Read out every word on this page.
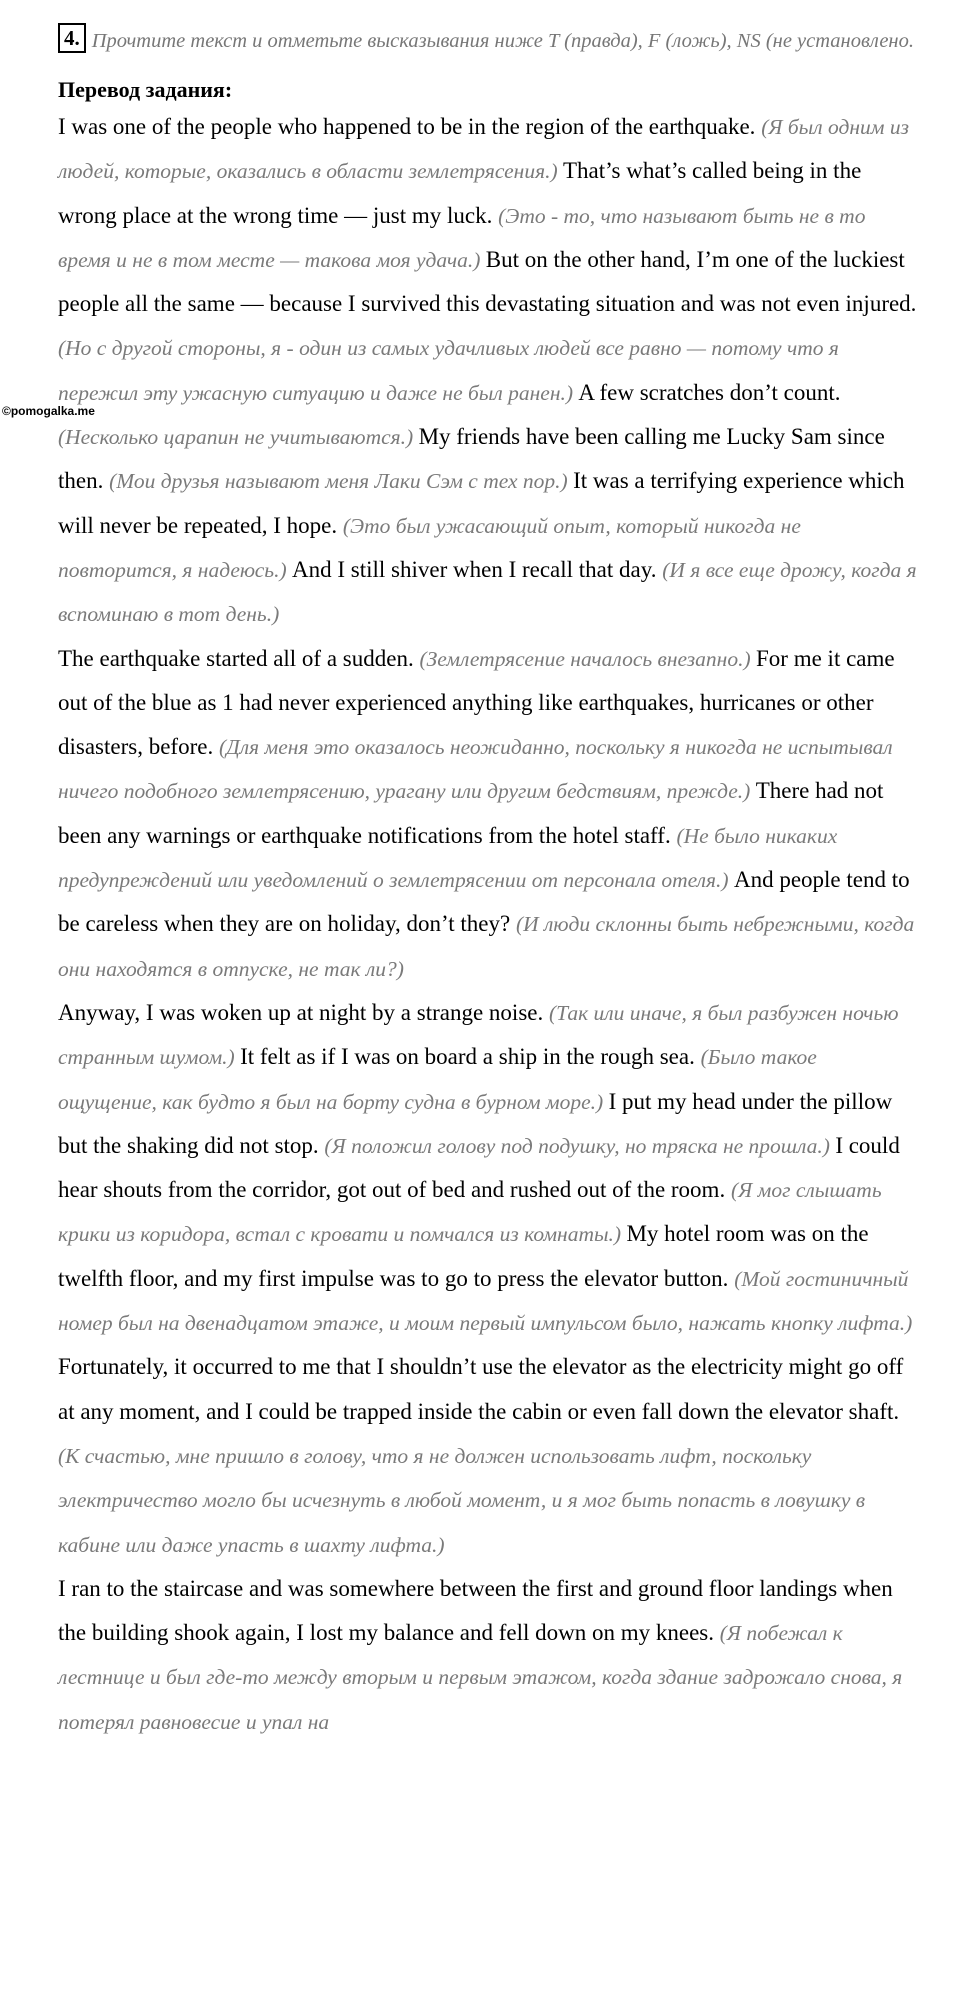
©pomogalka.me
4. Прочтите текст и отметьте высказывания ниже T (правда), F (ложь), NS (не установлено.
Перевод задания:

I was one of the people who happened to be in the region of the earthquake. (Я был одним из людей, которые, оказались в области землетрясения.) That’s what’s called being in the wrong place at the wrong time — just my luck. (Это - то, что называют быть не в то время и не в том месте — такова моя удача.) But on the other hand, I’m one of the luckiest people all the same — because I survived this devastating situation and was not even injured. (Но с другой стороны, я - один из самых удачливых людей все равно — потому что я пережил эту ужасную ситуацию и даже не был ранен.) A few scratches don’t count. (Несколько царапин не учитываются.) My friends have been calling me Lucky Sam since then. (Мои друзья называют меня Лаки Сэм с тех пор.) It was a terrifying experience which will never be repeated, I hope. (Это был ужасающий опыт, который никогда не повторится, я надеюсь.) And I still shiver when I recall that day. (И я все еще дрожу, когда я вспоминаю в тот день.)

The earthquake started all of a sudden. (Землетрясение началось внезапно.) For me it came out of the blue as 1 had never experienced anything like earthquakes, hurricanes or other disasters, before. (Для меня это оказалось неожиданно, поскольку я никогда не испытывал ничего подобного землетрясению, урагану или другим бедствиям, прежде.) There had not been any warnings or earthquake notifications from the hotel staff. (Не было никаких предупреждений или уведомлений о землетрясении от персонала отеля.) And people tend to be careless when they are on holiday, don’t they? (И люди склонны быть небрежными, когда они находятся в отпуске, не так ли?)

Anyway, I was woken up at night by a strange noise. (Так или иначе, я был разбужен ночью странным шумом.) It felt as if I was on board a ship in the rough sea. (Было такое ощущение, как будто я был на борту судна в бурном море.) I put my head under the pillow but the shaking did not stop. (Я положил голову под подушку, но тряска не прошла.) I could hear shouts from the corridor, got out of bed and rushed out of the room. (Я мог слышать крики из коридора, встал с кровати и помчался из комнаты.) My hotel room was on the twelfth floor, and my first impulse was to go to press the elevator button. (Мой гостиничный номер был на двенадцатом этаже, и моим первый импульсом было, нажать кнопку лифта.) Fortunately, it occurred to me that I shouldn’t use the elevator as the electricity might go off at any moment, and I could be trapped inside the cabin or even fall down the elevator shaft. (К счастью, мне пришло в голову, что я не должен использовать лифт, поскольку электричество могло бы исчезнуть в любой момент, и я мог быть попасть в ловушку в кабине или даже упасть в шахту лифта.)

I ran to the staircase and was somewhere between the first and ground floor landings when the building shook again, I lost my balance and fell down on my knees. (Я побежал к лестнице и был где-то между вторым и первым этажом, когда здание задрожало снова, я потерял равновесие и упал на
